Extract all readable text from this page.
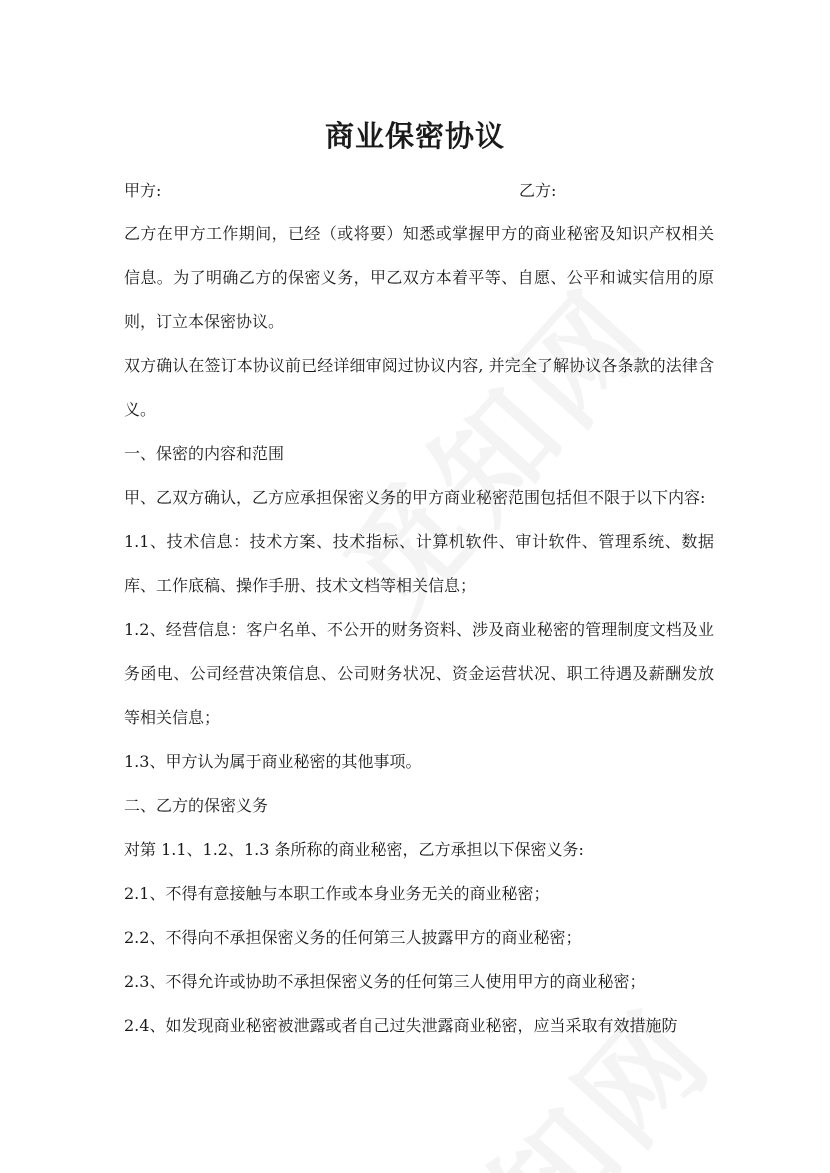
商业保密协议
甲方:	乙方:

乙方在甲方工作期间，已经（或将要）知悉或掌握甲方的商业秘密及知识产权相关信息。为了明确乙方的保密义务，甲乙双方本着平等、自愿、公平和诚实信用的原则，订立本保密协议。

双方确认在签订本协议前已经详细审阅过协议内容, 并完全了解协议各条款的法律含义。

一、保密的内容和范围

甲、乙双方确认，乙方应承担保密义务的甲方商业秘密范围包括但不限于以下内容:

1.1、技术信息：技术方案、技术指标、计算机软件、审计软件、管理系统、数据库、工作底稿、操作手册、技术文档等相关信息；

1.2、经营信息：客户名单、不公开的财务资料、涉及商业秘密的管理制度文档及业务函电、公司经营决策信息、公司财务状况、资金运营状况、职工待遇及薪酬发放等相关信息；

1.3、甲方认为属于商业秘密的其他事项。

二、乙方的保密义务

对第 1.1、1.2、1.3 条所称的商业秘密，乙方承担以下保密义务:

2.1、不得有意接触与本职工作或本身业务无关的商业秘密；

2.2、不得向不承担保密义务的任何第三人披露甲方的商业秘密；

2.3、不得允许或协助不承担保密义务的任何第三人使用甲方的商业秘密；

2.4、如发现商业秘密被泄露或者自己过失泄露商业秘密，应当采取有效措施防
